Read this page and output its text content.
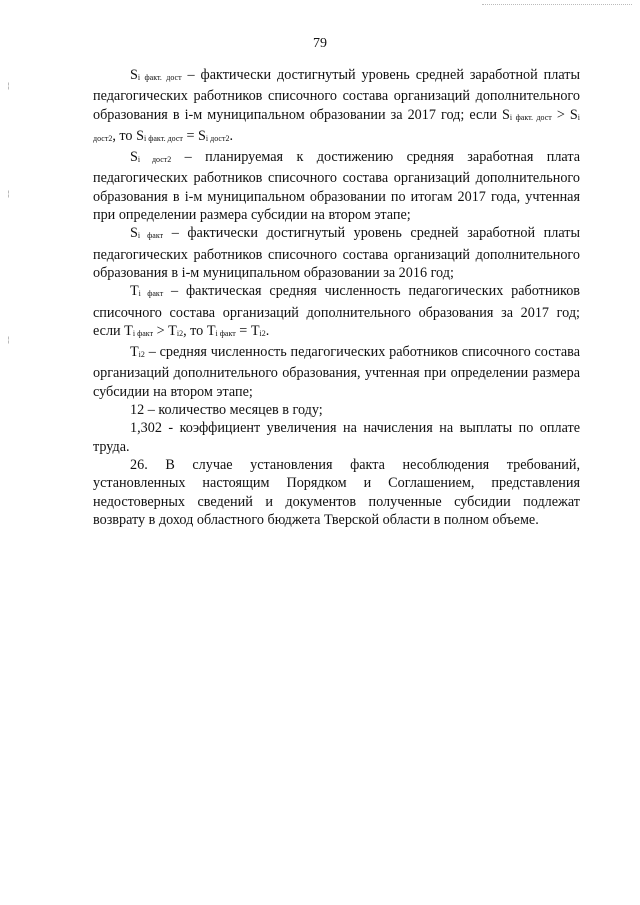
79

$S_{i факт. дост}$ – фактически достигнутый уровень средней заработной платы педагогических работников списочного состава организаций дополнительного образования в i-м муниципальном образовании за 2017 год; если $S_{i факт. дост} > S_{i дост2}$, то $S_{i факт. дост} = S_{i дост2}$.

$S_{i дост2}$ – планируемая к достижению средняя заработная плата педагогических работников списочного состава организаций дополнительного образования в i-м муниципальном образовании по итогам 2017 года, учтенная при определении размера субсидии на втором этапе;

$S_{i факт}$ – фактически достигнутый уровень средней заработной платы педагогических работников списочного состава организаций дополнительного образования в i-м муниципальном образовании за 2016 год;

$T_{i факт}$ – фактическая средняя численность педагогических работников списочного состава организаций дополнительного образования за 2017 год; если $T_{i факт} > T_{i2}$, то $T_{i факт} = T_{i2}$.

$T_{i2}$ – средняя численность педагогических работников списочного состава организаций дополнительного образования, учтенная при определении размера субсидии на втором этапе;

12 – количество месяцев в году;

1,302 - коэффициент увеличения на начисления на выплаты по оплате труда.

26. В случае установления факта несоблюдения требований, установленных настоящим Порядком и Соглашением, представления недостоверных сведений и документов полученные субсидии подлежат возврату в доход областного бюджета Тверской области в полном объеме.

¦
¦
¦
